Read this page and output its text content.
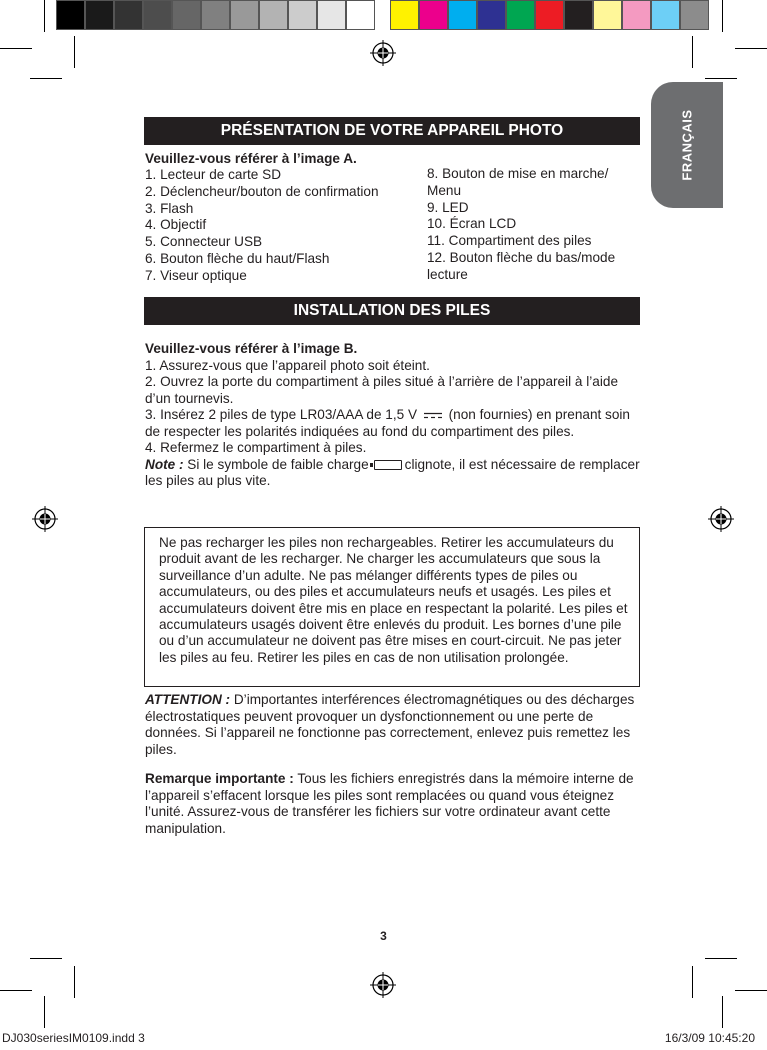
FRANÇAIS
PRÉSENTATION DE VOTRE APPAREIL PHOTO
Veuillez-vous référer à l’image A.
1. Lecteur de carte SD
2. Déclencheur/bouton de confirmation
3. Flash
4. Objectif
5. Connecteur USB
6. Bouton flèche du haut/Flash
7. Viseur optique
8. Bouton de mise en marche/ Menu
9. LED
10. Écran LCD
11. Compartiment des piles
12. Bouton flèche du bas/mode lecture
INSTALLATION DES PILES
Veuillez-vous référer à l’image B.
1. Assurez-vous que l’appareil photo soit éteint.
2. Ouvrez la porte du compartiment à piles situé à l’arrière de l’appareil à l’aide d’un tournevis.
3. Insérez 2 piles de type LR03/AAA de 1,5 V (non fournies) en prenant soin de respecter les polarités indiquées au fond du compartiment des piles.
4. Refermez le compartiment à piles.
Note : Si le symbole de faible charge	clignote, il est nécessaire de remplacer les piles au plus vite.
Ne pas recharger les piles non rechargeables. Retirer les accumulateurs du produit avant de les recharger. Ne charger les accumulateurs que sous la surveillance d’un adulte. Ne pas mélanger différents types de piles ou accumulateurs, ou des piles et accumulateurs neufs et usagés. Les piles et accumulateurs doivent être mis en place en respectant la polarité. Les piles et accumulateurs usagés doivent être enlevés du produit. Les bornes d’une pile ou d’un accumulateur ne doivent pas être mises en court-circuit. Ne pas jeter les piles au feu. Retirer les piles en cas de non utilisation prolongée.
ATTENTION : D’importantes interférences électromagnétiques ou des décharges électrostatiques peuvent provoquer un dysfonctionnement ou une perte de données. Si l’appareil ne fonctionne pas correctement, enlevez puis remettez les piles.
Remarque importante : Tous les fichiers enregistrés dans la mémoire interne de l’appareil s’effacent lorsque les piles sont remplacées ou quand vous éteignez l’unité. Assurez-vous de transférer les fichiers sur votre ordinateur avant cette manipulation.
3
DJ030seriesIM0109.indd 3	16/3/09 10:45:20
